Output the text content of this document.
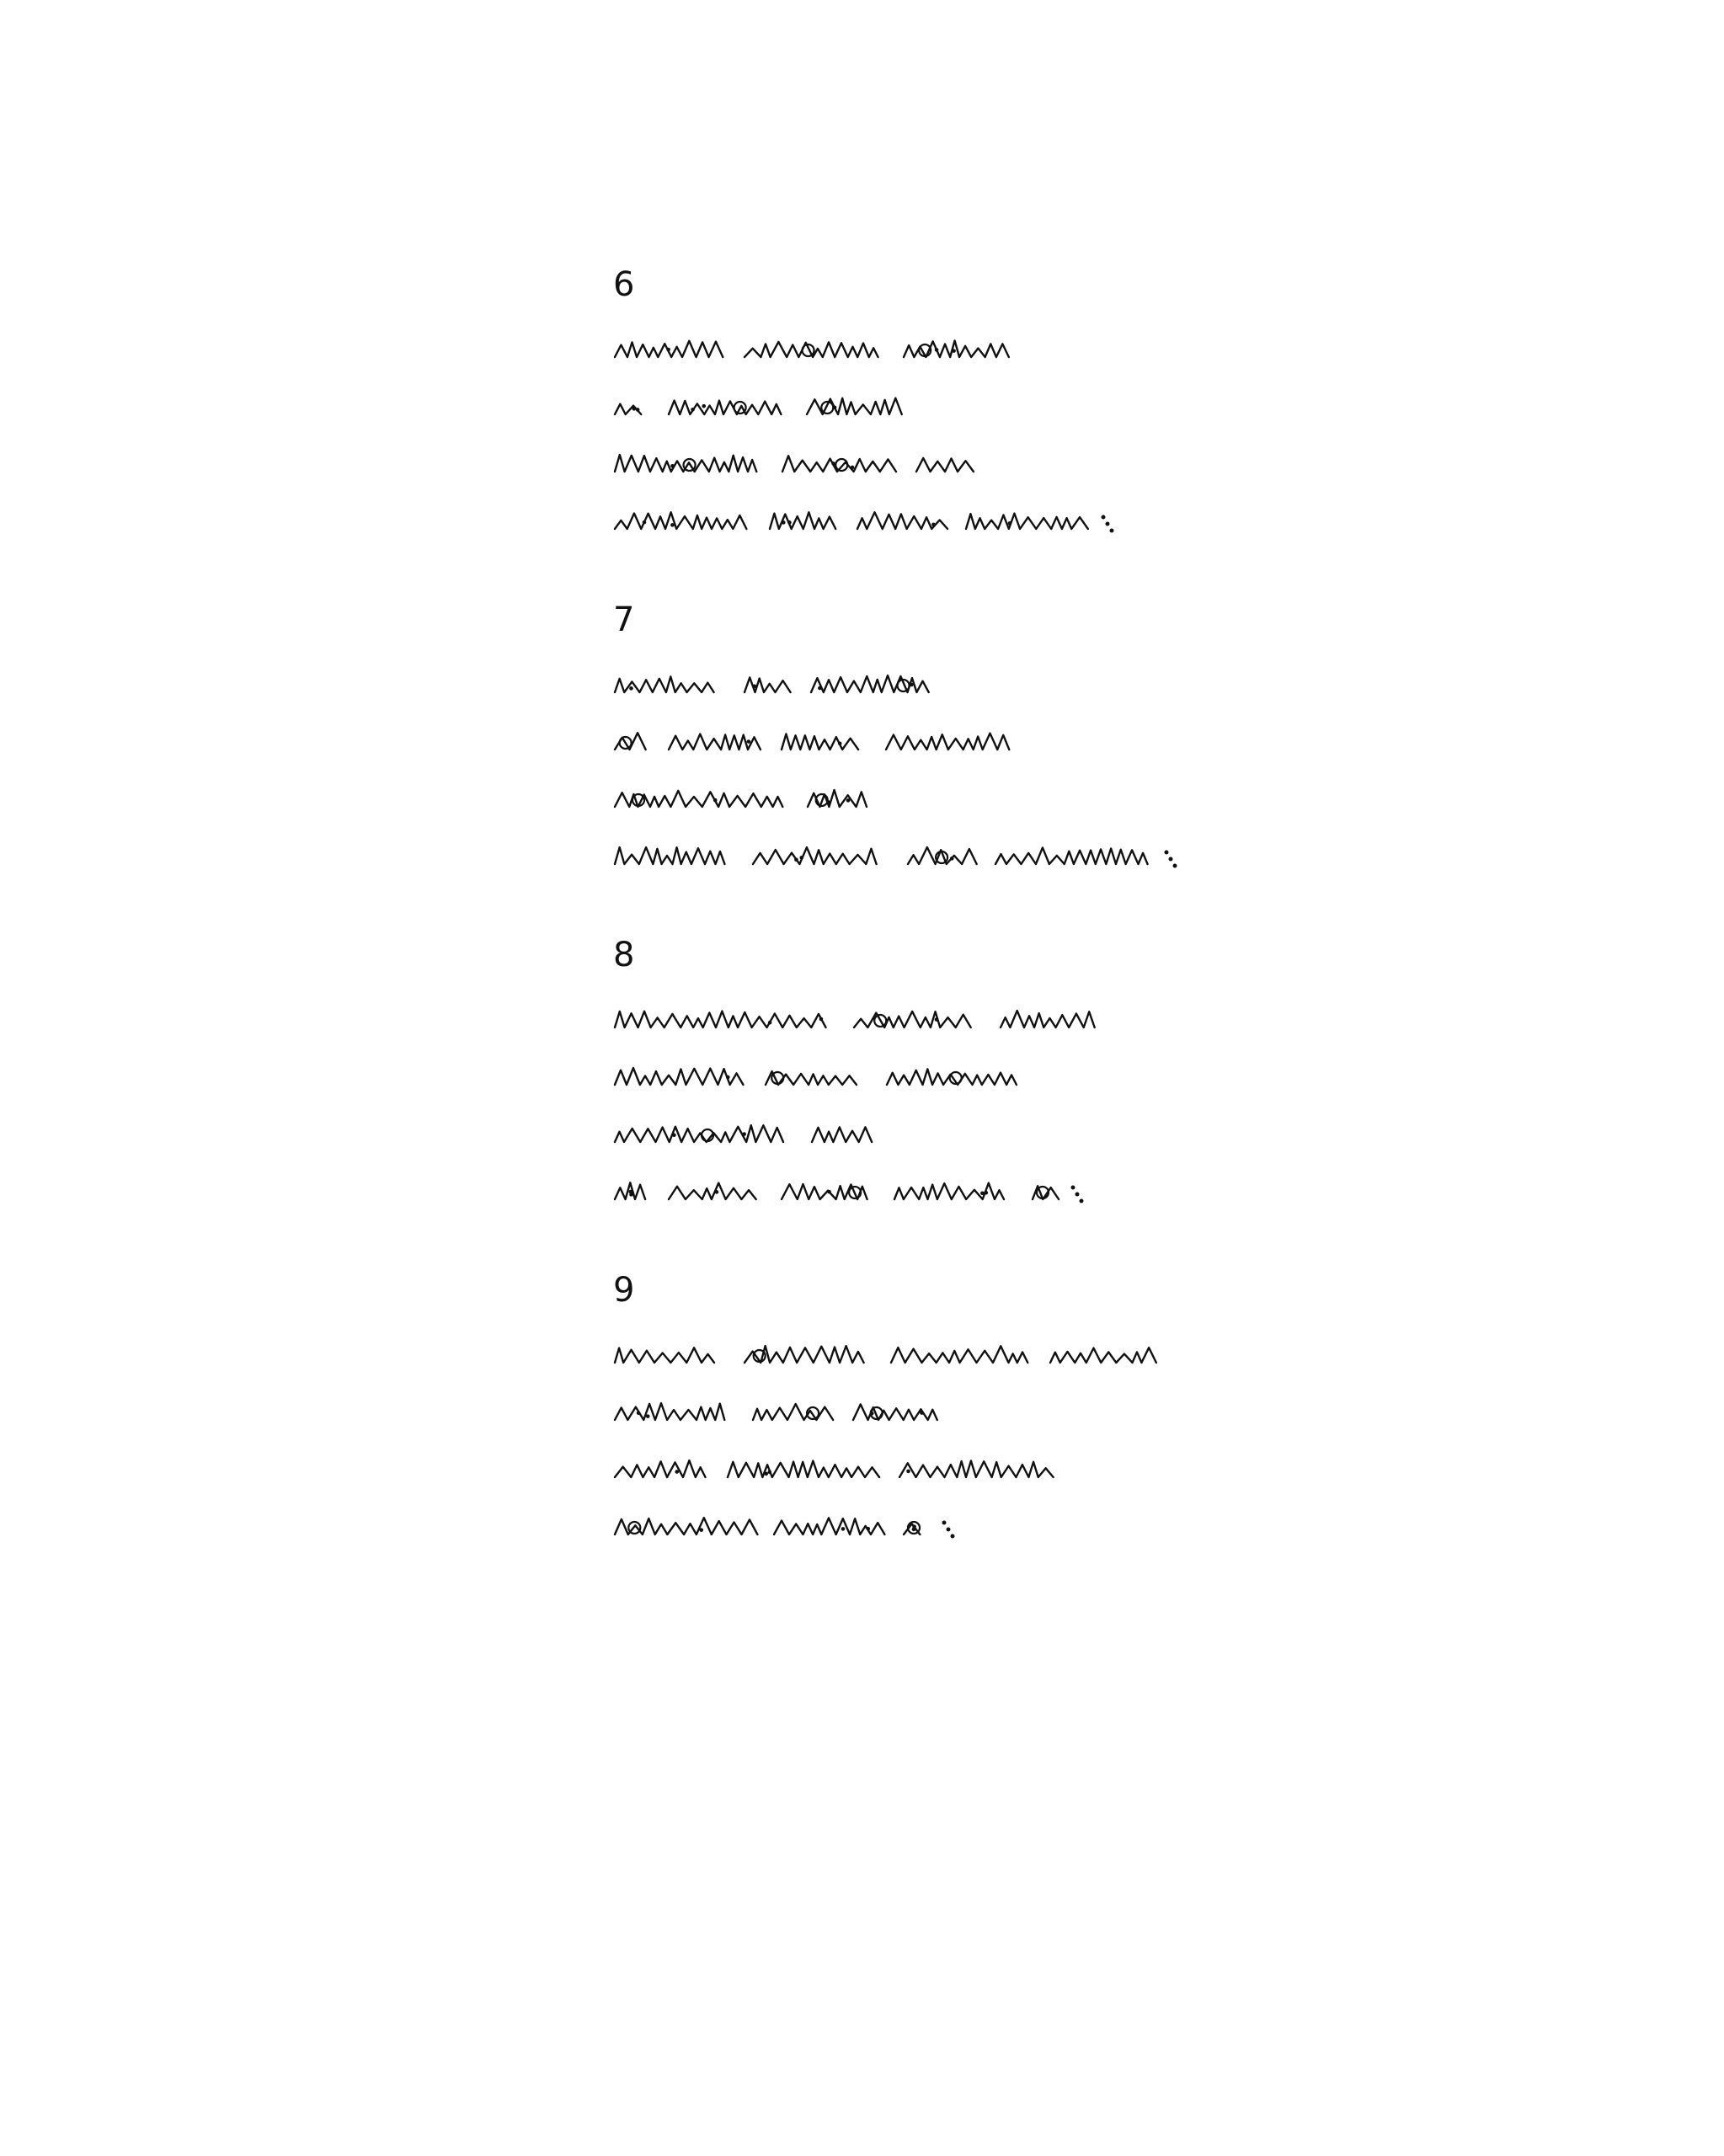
6
7
8
9
